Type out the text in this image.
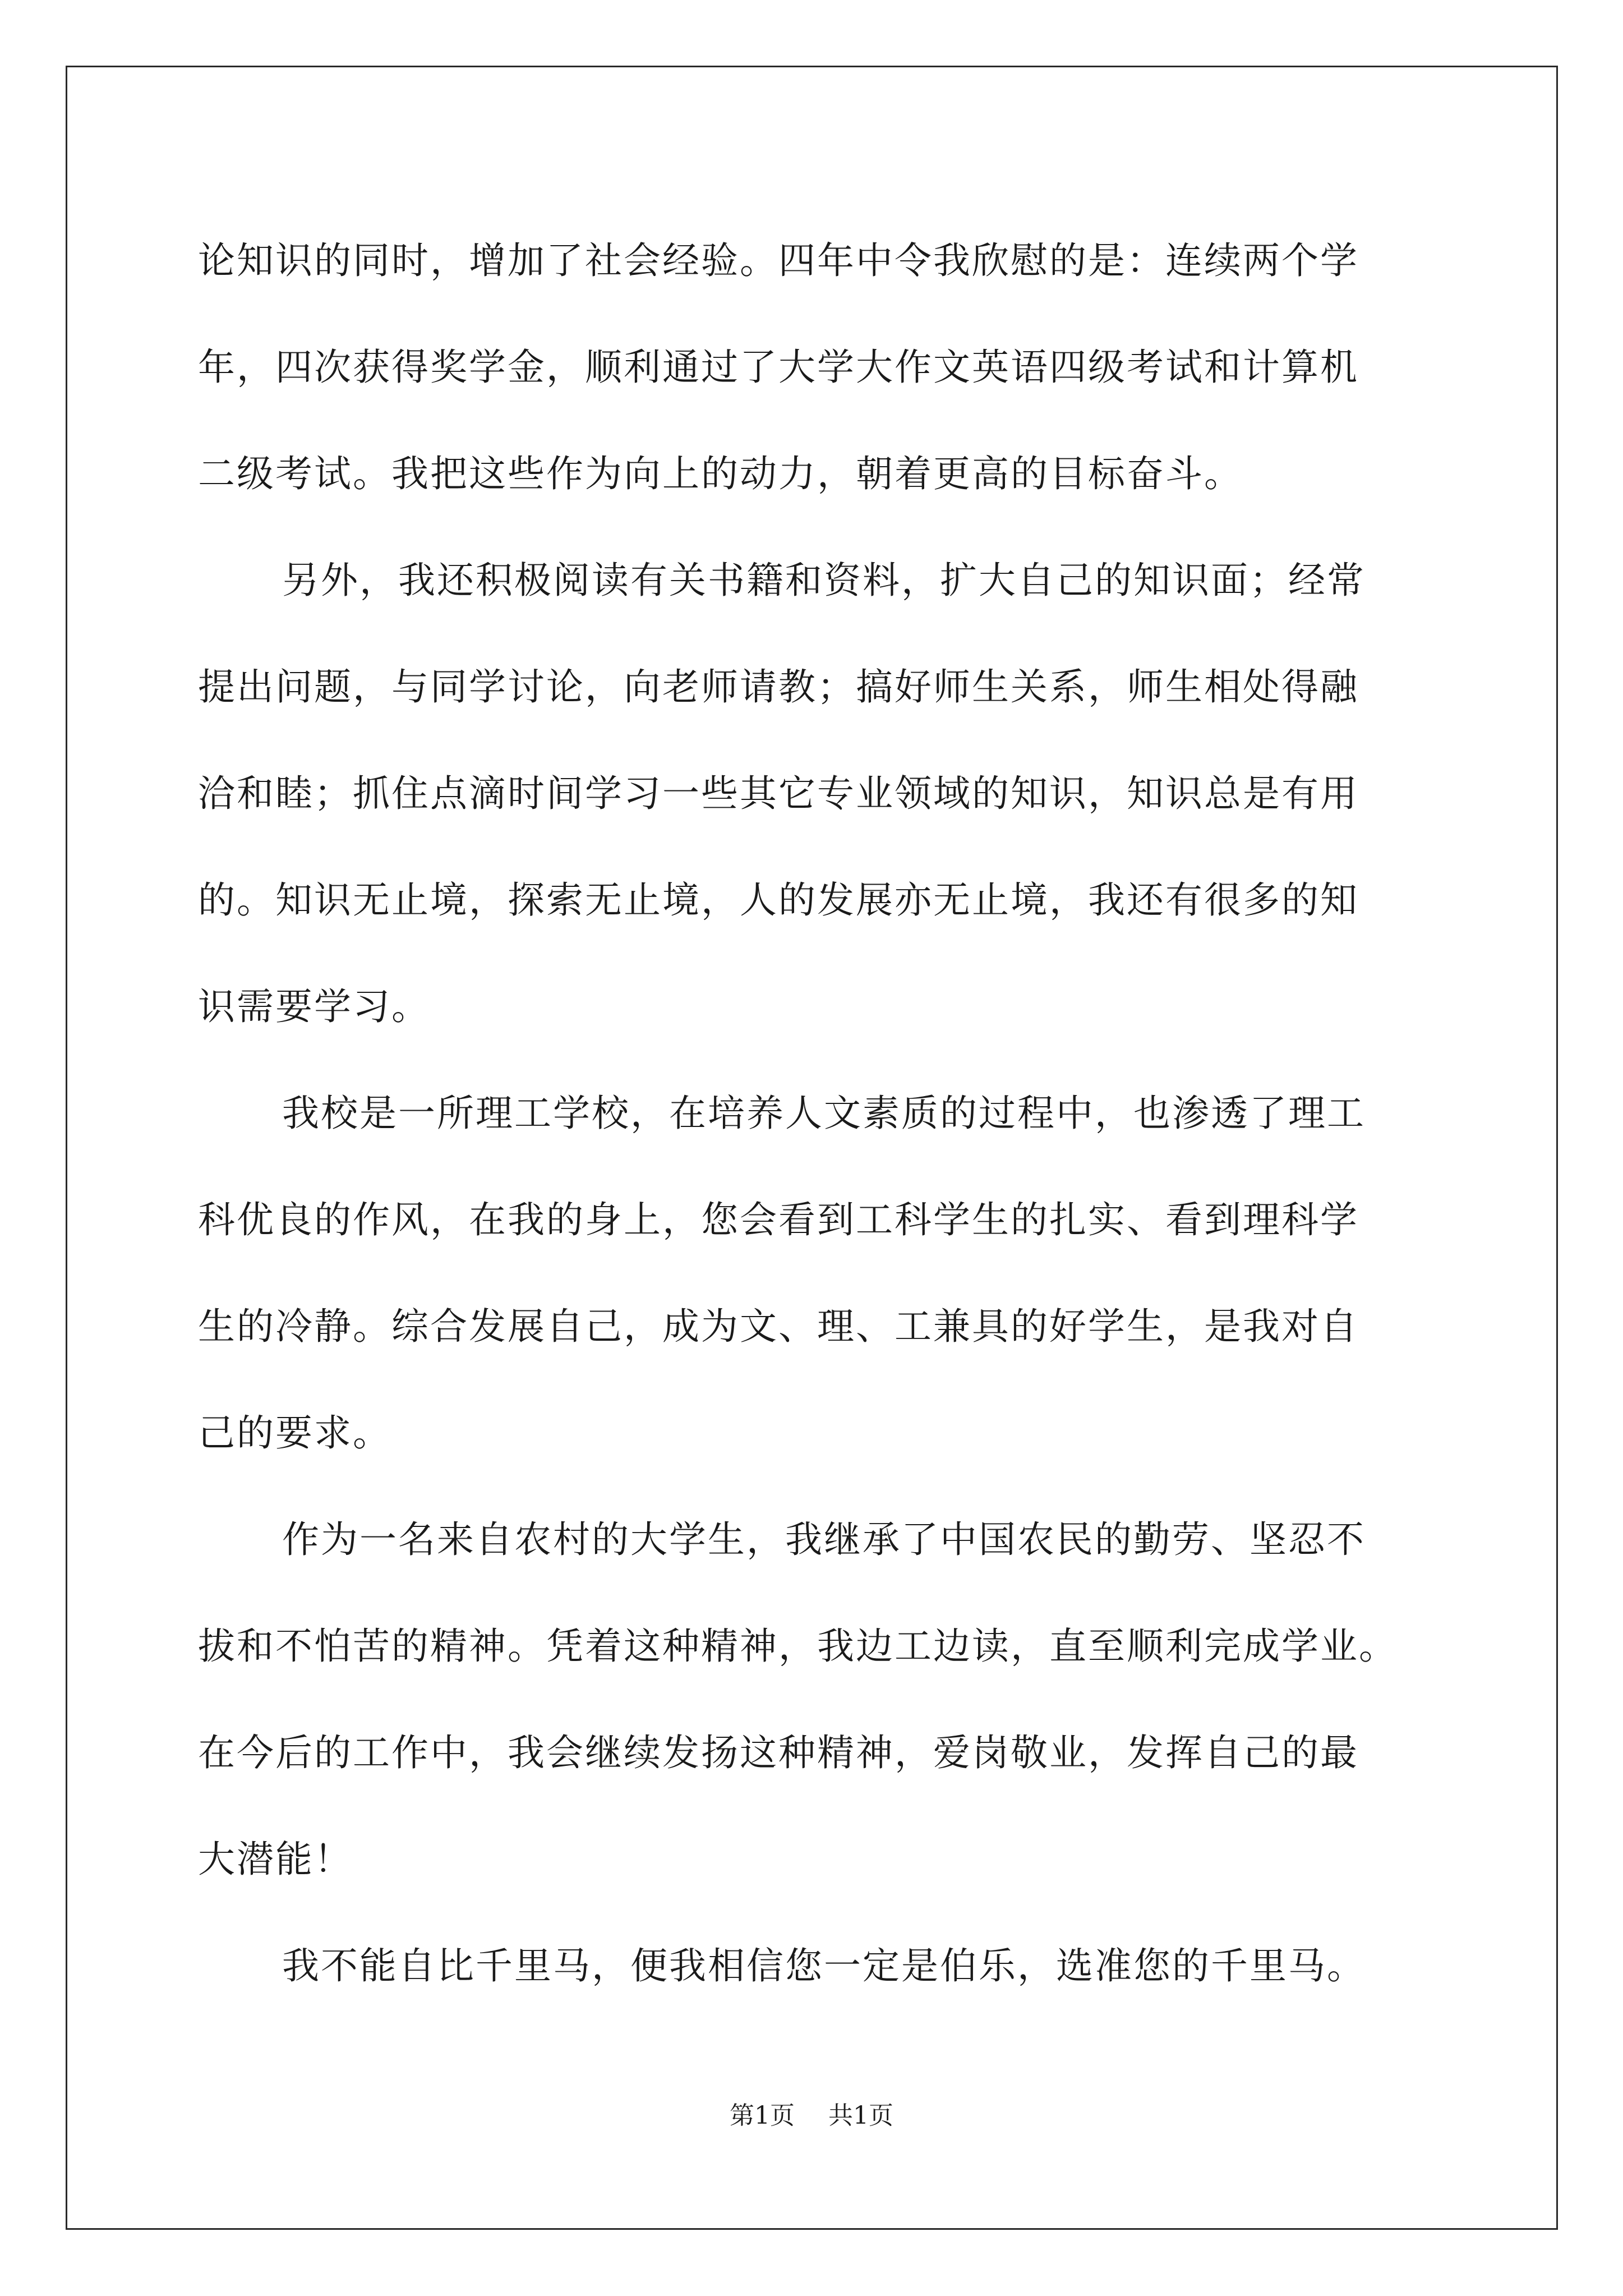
论知识的同时，增加了社会经验。四年中令我欣慰的是：连续两个学
年，四次获得奖学金，顺利通过了大学大作文英语四级考试和计算机
二级考试。我把这些作为向上的动力，朝着更高的目标奋斗。
另外，我还积极阅读有关书籍和资料，扩大自己的知识面；经常
提出问题，与同学讨论，向老师请教；搞好师生关系，师生相处得融
洽和睦；抓住点滴时间学习一些其它专业领域的知识，知识总是有用
的。知识无止境，探索无止境，人的发展亦无止境，我还有很多的知
识需要学习。
我校是一所理工学校，在培养人文素质的过程中，也渗透了理工
科优良的作风，在我的身上，您会看到工科学生的扎实、看到理科学
生的冷静。综合发展自己，成为文、理、工兼具的好学生，是我对自
己的要求。
作为一名来自农村的大学生，我继承了中国农民的勤劳、坚忍不
拔和不怕苦的精神。凭着这种精神，我边工边读，直至顺利完成学业。
在今后的工作中，我会继续发扬这种精神，爱岗敬业，发挥自己的最
大潜能！
我不能自比千里马，便我相信您一定是伯乐，选准您的千里马。
第1页 共1页
